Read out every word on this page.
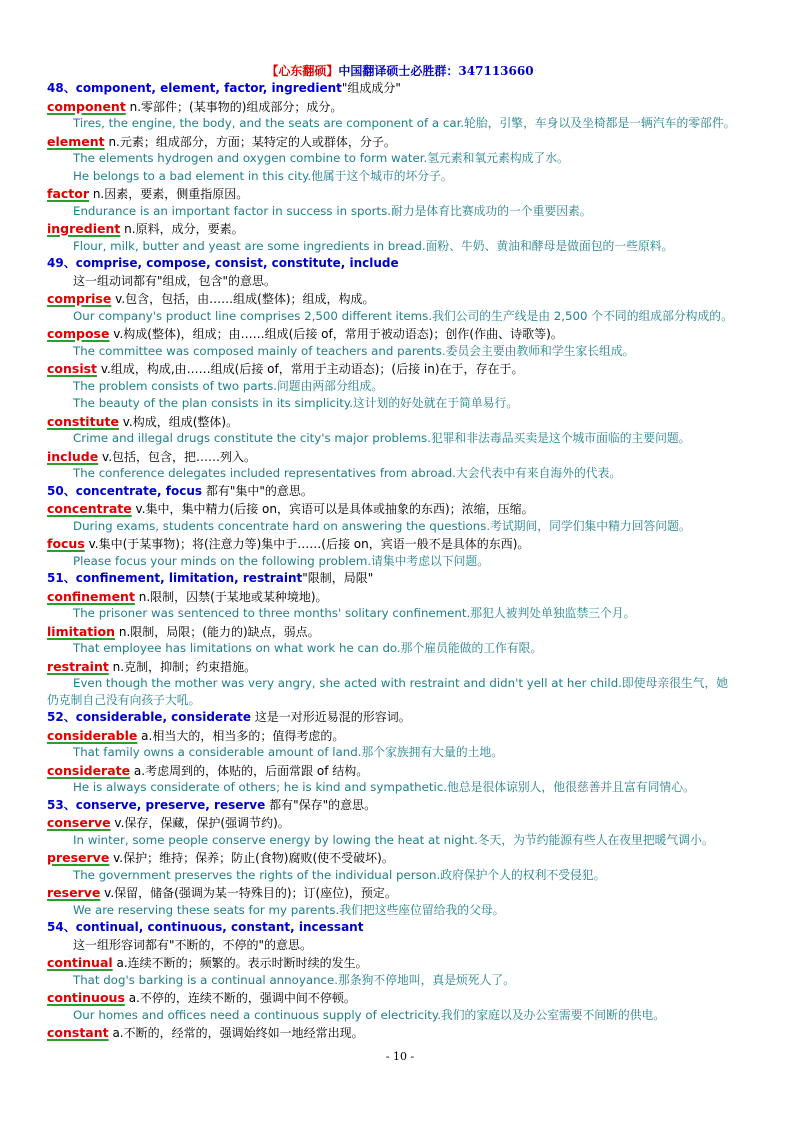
【心东翻硕】中国翻译硕士必胜群：347113660
48、component, element, factor, ingredient"组成成分"
component n.零部件；(某事物的)组成部分；成分。
Tires, the engine, the body, and the seats are component of a car.轮胎，引擎，车身以及坐椅都是一辆汽车的零部件。
element n.元素；组成部分，方面；某特定的人或群体，分子。
The elements hydrogen and oxygen combine to form water.氢元素和氧元素构成了水。
He belongs to a bad element in this city.他属于这个城市的坏分子。
factor n.因素，要素，侧重指原因。
Endurance is an important factor in success in sports.耐力是体育比赛成功的一个重要因素。
ingredient n.原料，成分，要素。
Flour, milk, butter and yeast are some ingredients in bread.面粉、牛奶、黄油和酵母是做面包的一些原料。
49、comprise, compose, consist, constitute, include
这一组动词都有"组成，包含"的意思。
comprise v.包含，包括，由……组成(整体)；组成，构成。
Our company's product line comprises 2,500 different items.我们公司的生产线是由 2,500 个不同的组成部分构成的。
compose v.构成(整体)，组成；由……组成(后接 of，常用于被动语态)；创作(作曲、诗歌等)。
The committee was composed mainly of teachers and parents.委员会主要由教师和学生家长组成。
consist v.组成，构成,由……组成(后接 of，常用于主动语态)；(后接 in)在于，存在于。
The problem consists of two parts.问题由两部分组成。
The beauty of the plan consists in its simplicity.这计划的好处就在于简单易行。
constitute v.构成，组成(整体)。
Crime and illegal drugs constitute the city's major problems.犯罪和非法毒品买卖是这个城市面临的主要问题。
include v.包括，包含，把……列入。
The conference delegates included representatives from abroad.大会代表中有来自海外的代表。
50、concentrate, focus 都有"集中"的意思。
concentrate v.集中，集中精力(后接 on，宾语可以是具体或抽象的东西)；浓缩，压缩。
During exams, students concentrate hard on answering the questions.考试期间，同学们集中精力回答问题。
focus v.集中(于某事物)；将(注意力等)集中于……(后接 on，宾语一般不是具体的东西)。
Please focus your minds on the following problem.请集中考虑以下问题。
51、confinement, limitation, restraint"限制，局限"
confinement n.限制，囚禁(于某地或某种境地)。
The prisoner was sentenced to three months' solitary confinement.那犯人被判处单独监禁三个月。
limitation n.限制，局限；(能力的)缺点，弱点。
That employee has limitations on what work he can do.那个雇员能做的工作有限。
restraint n.克制，抑制；约束措施。
Even though the mother was very angry, she acted with restraint and didn't yell at her child.即使母亲很生气，她
仍克制自己没有向孩子大吼。
52、considerable, considerate 这是一对形近易混的形容词。
considerable a.相当大的，相当多的；值得考虑的。
That family owns a considerable amount of land.那个家族拥有大量的土地。
considerate a.考虑周到的，体贴的，后面常跟 of 结构。
He is always considerate of others; he is kind and sympathetic.他总是很体谅别人，他很慈善并且富有同情心。
53、conserve, preserve, reserve 都有"保存"的意思。
conserve v.保存，保藏，保护(强调节约)。
In winter, some people conserve energy by lowing the heat at night.冬天，为节约能源有些人在夜里把暖气调小。
preserve v.保护；维持；保养；防止(食物)腐败(使不受破坏)。
The government preserves the rights of the individual person.政府保护个人的权利不受侵犯。
reserve v.保留，储备(强调为某一特殊目的)；订(座位)，预定。
We are reserving these seats for my parents.我们把这些座位留给我的父母。
54、continual, continuous, constant, incessant
这一组形容词都有"不断的，不停的"的意思。
continual a.连续不断的；频繁的。表示时断时续的发生。
That dog's barking is a continual annoyance.那条狗不停地叫，真是烦死人了。
continuous a.不停的，连续不断的，强调中间不停顿。
Our homes and offices need a continuous supply of electricity.我们的家庭以及办公室需要不间断的供电。
constant a.不断的，经常的，强调始终如一地经常出现。
- 10 -
